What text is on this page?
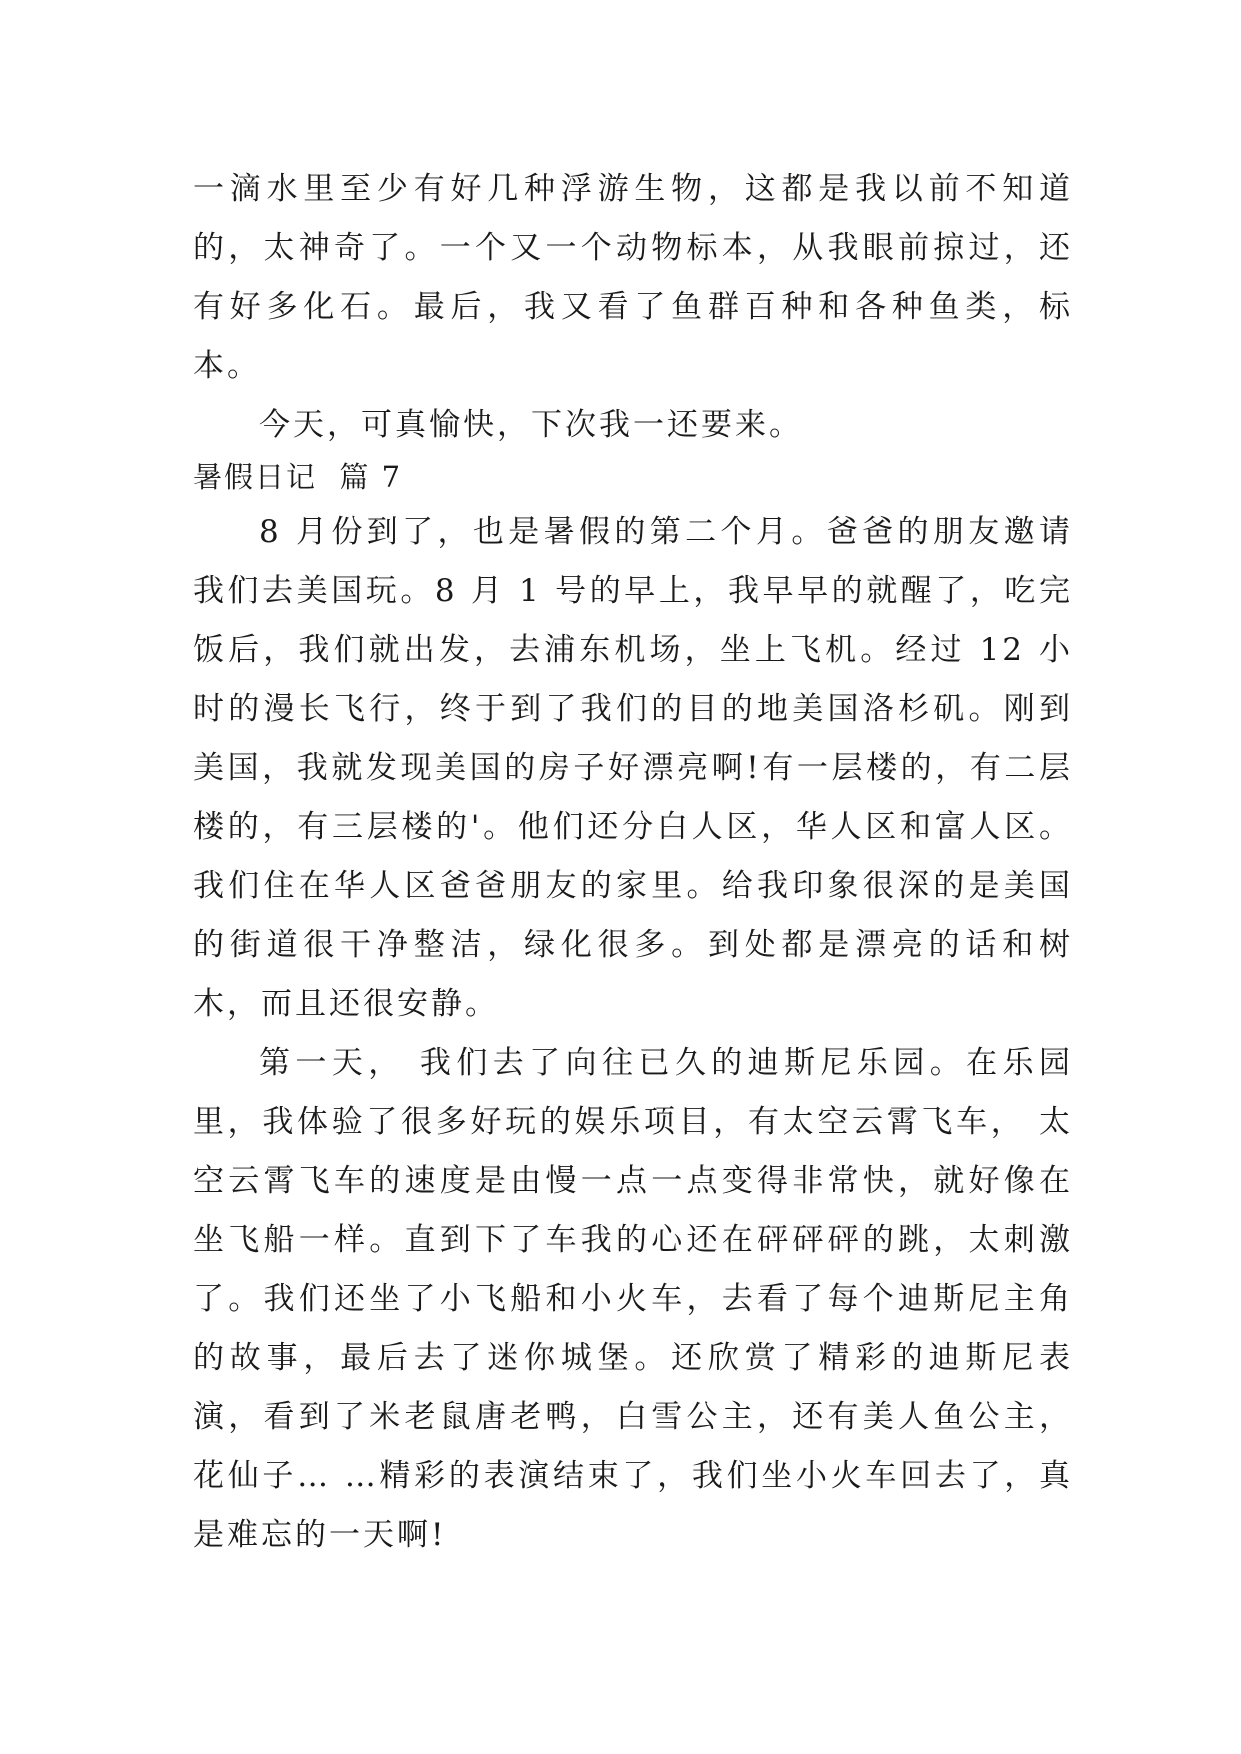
一滴水里至少有好几种浮游生物，这都是我以前不知道的，太神奇了。一个又一个动物标本，从我眼前掠过，还有好多化石。最后，我又看了鱼群百种和各种鱼类，标本。

今天，可真愉快，下次我一还要来。

暑假日记  篇 7

8 月份到了，也是暑假的第二个月。爸爸的朋友邀请我们去美国玩。8 月 1 号的早上，我早早的就醒了，吃完饭后，我们就出发，去浦东机场，坐上飞机。经过 12 小时的漫长飞行，终于到了我们的目的地美国洛杉矶。刚到美国，我就发现美国的房子好漂亮啊!有一层楼的，有二层楼的，有三层楼的'。他们还分白人区，华人区和富人区。我们住在华人区爸爸朋友的家里。给我印象很深的是美国的街道很干净整洁，绿化很多。到处都是漂亮的话和树木，而且还很安静。

第一天， 我们去了向往已久的迪斯尼乐园。在乐园里，我体验了很多好玩的娱乐项目，有太空云霄飞车， 太空云霄飞车的速度是由慢一点一点变得非常快，就好像在坐飞船一样。直到下了车我的心还在砰砰砰的跳，太刺激了。我们还坐了小飞船和小火车，去看了每个迪斯尼主角的故事，最后去了迷你城堡。还欣赏了精彩的迪斯尼表演，看到了米老鼠唐老鸭，白雪公主，还有美人鱼公主，花仙子… …精彩的表演结束了，我们坐小火车回去了，真是难忘的一天啊!
